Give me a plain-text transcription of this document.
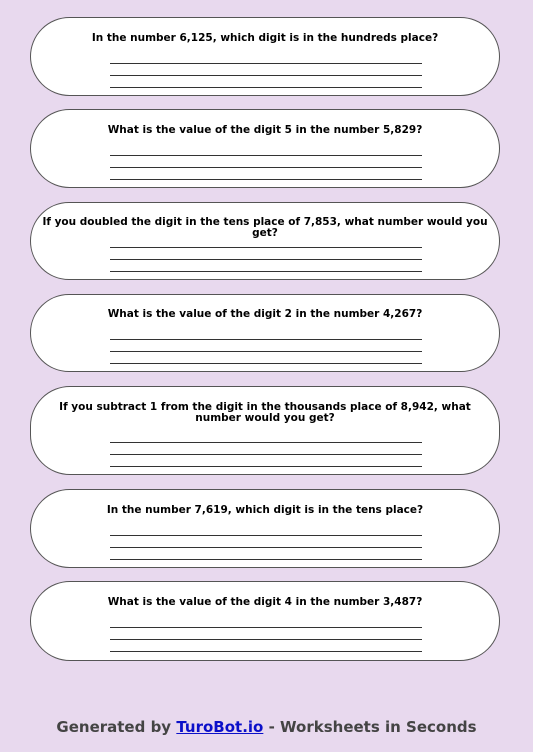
In the number 6,125, which digit is in the hundreds place?
What is the value of the digit 5 in the number 5,829?
If you doubled the digit in the tens place of 7,853, what number would you get?
What is the value of the digit 2 in the number 4,267?
If you subtract 1 from the digit in the thousands place of 8,942, what number would you get?
In the number 7,619, which digit is in the tens place?
What is the value of the digit 4 in the number 3,487?
Generated by TuroBot.io - Worksheets in Seconds
